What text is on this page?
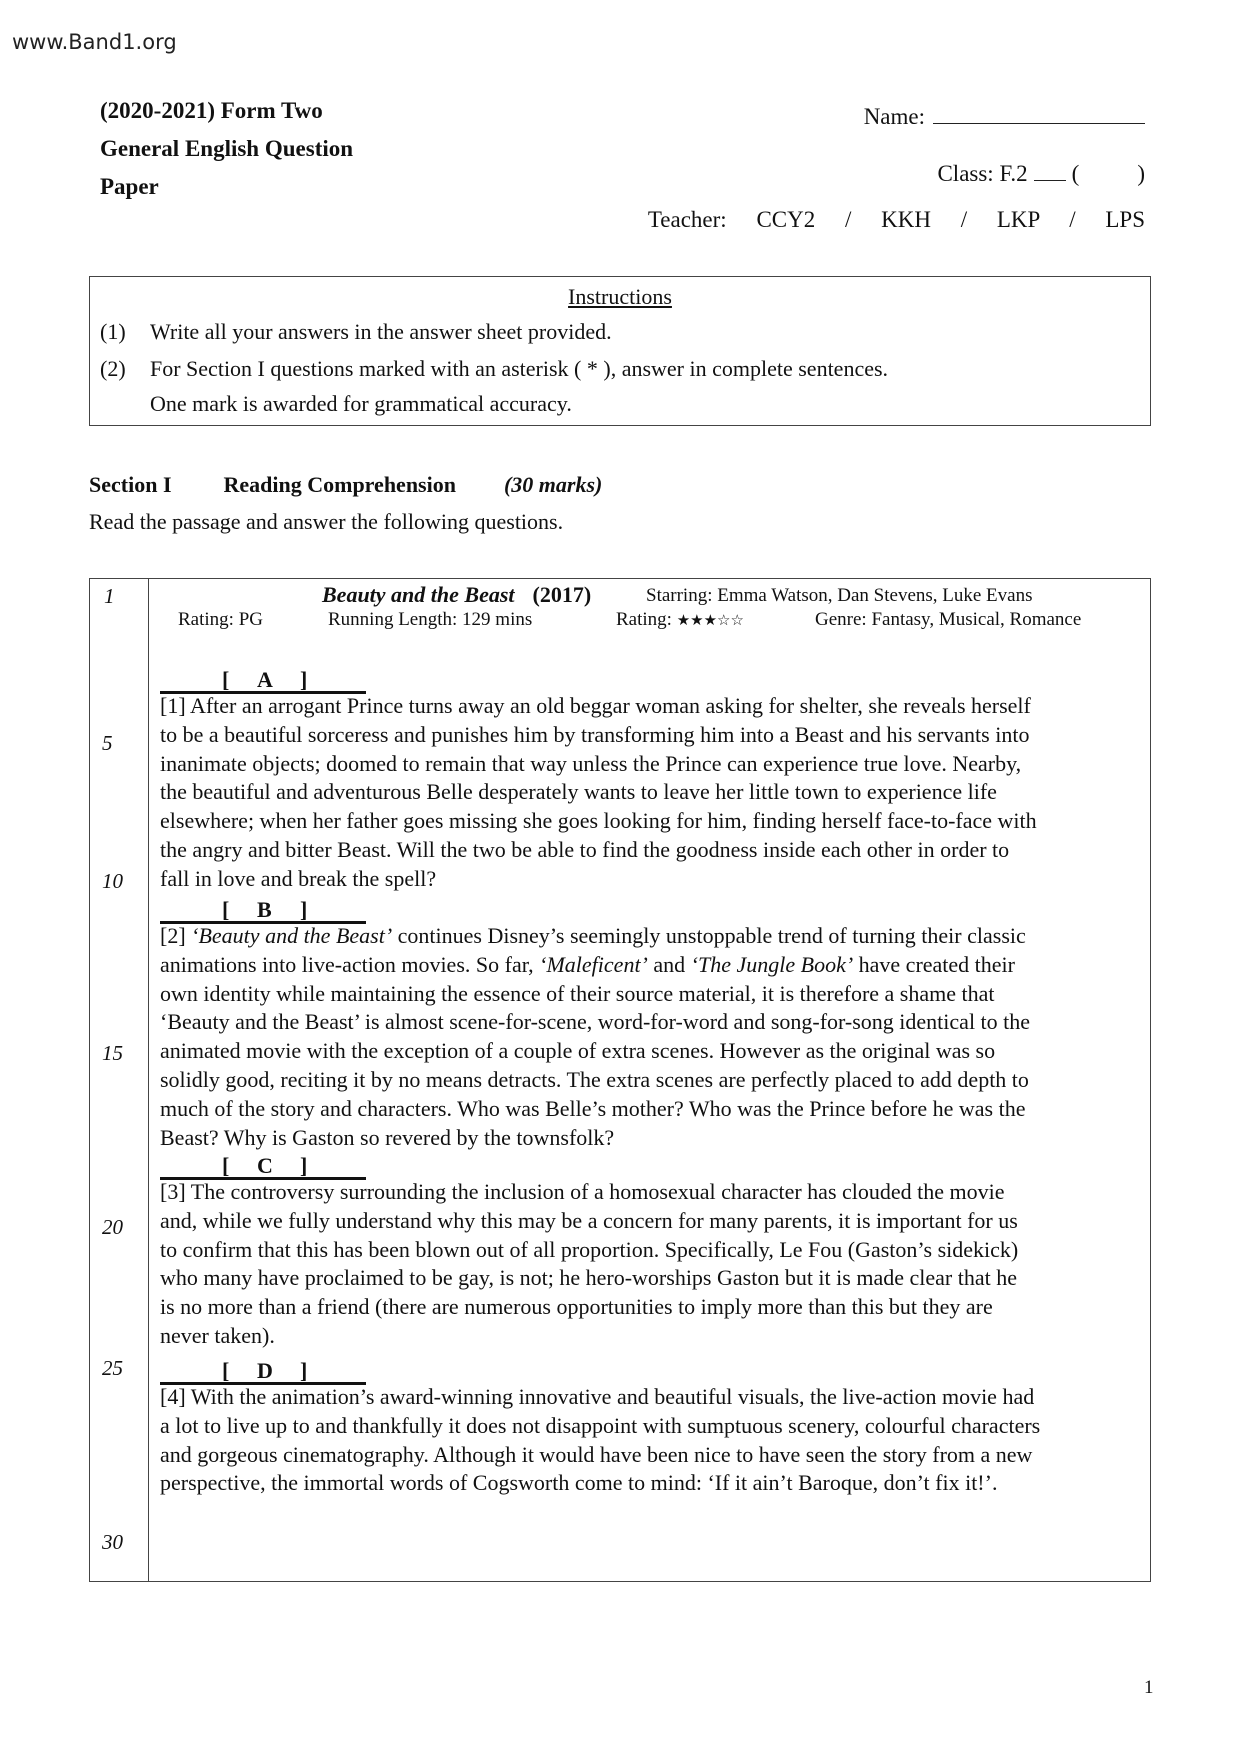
www.Band1.org
(2020-2021) Form Two
General English Question
Paper
Name:
Class: F.2 (	)
Teacher: CCY2 / KKH / LKP / LPS
Instructions
(1) Write all your answers in the answer sheet provided.
(2) For Section I questions marked with an asterisk ( * ), answer in complete sentences.
One mark is awarded for grammatical accuracy.
Section I Reading Comprehension (30 marks)
Read the passage and answer the following questions.
1
5
10
15
20
25
30
Beauty and the Beast (2017)	Starring: Emma Watson, Dan Stevens, Luke Evans
Rating: PG	Running Length: 129 mins	Rating: ★★★☆☆	Genre: Fantasy, Musical, Romance
[ A ]
[1] After an arrogant Prince turns away an old beggar woman asking for shelter, she reveals herself
to be a beautiful sorceress and punishes him by transforming him into a Beast and his servants into
inanimate objects; doomed to remain that way unless the Prince can experience true love. Nearby,
the beautiful and adventurous Belle desperately wants to leave her little town to experience life
elsewhere; when her father goes missing she goes looking for him, finding herself face-to-face with
the angry and bitter Beast. Will the two be able to find the goodness inside each other in order to
fall in love and break the spell?
[ B ]
[2] ‘Beauty and the Beast’ continues Disney’s seemingly unstoppable trend of turning their classic
animations into live-action movies. So far, ‘Maleficent’ and ‘The Jungle Book’ have created their
own identity while maintaining the essence of their source material, it is therefore a shame that
‘Beauty and the Beast’ is almost scene-for-scene, word-for-word and song-for-song identical to the
animated movie with the exception of a couple of extra scenes. However as the original was so
solidly good, reciting it by no means detracts. The extra scenes are perfectly placed to add depth to
much of the story and characters. Who was Belle’s mother? Who was the Prince before he was the
Beast? Why is Gaston so revered by the townsfolk?
[ C ]
[3] The controversy surrounding the inclusion of a homosexual character has clouded the movie
and, while we fully understand why this may be a concern for many parents, it is important for us
to confirm that this has been blown out of all proportion. Specifically, Le Fou (Gaston’s sidekick)
who many have proclaimed to be gay, is not; he hero-worships Gaston but it is made clear that he
is no more than a friend (there are numerous opportunities to imply more than this but they are
never taken).
[ D ]
[4] With the animation’s award-winning innovative and beautiful visuals, the live-action movie had
a lot to live up to and thankfully it does not disappoint with sumptuous scenery, colourful characters
and gorgeous cinematography. Although it would have been nice to have seen the story from a new
perspective, the immortal words of Cogsworth come to mind: ‘If it ain’t Baroque, don’t fix it!’.
1
